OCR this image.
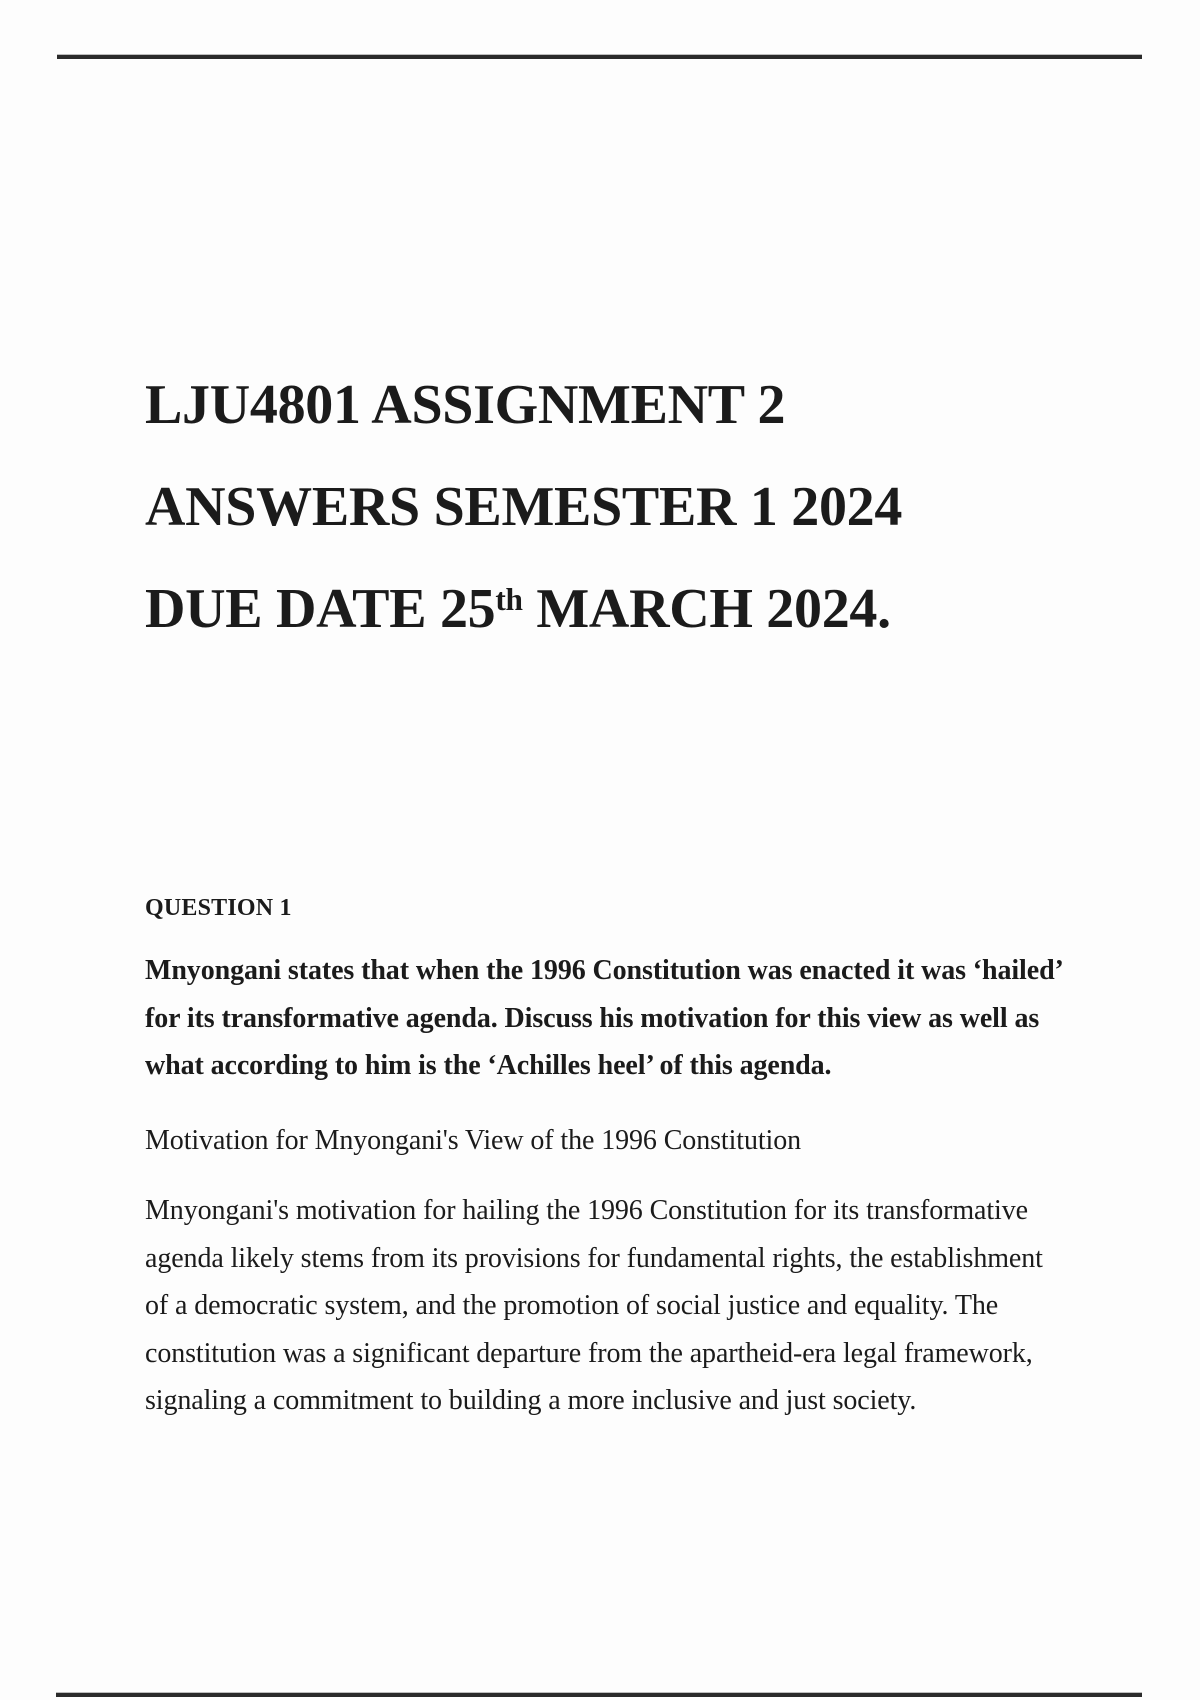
LJU4801 ASSIGNMENT 2
ANSWERS SEMESTER 1 2024
DUE DATE 25th MARCH 2024.
QUESTION 1
Mnyongani states that when the 1996 Constitution was enacted it was ‘hailed’
for its transformative agenda. Discuss his motivation for this view as well as
what according to him is the ‘Achilles heel’ of this agenda.
Motivation for Mnyongani's View of the 1996 Constitution
Mnyongani's motivation for hailing the 1996 Constitution for its transformative
agenda likely stems from its provisions for fundamental rights, the establishment
of a democratic system, and the promotion of social justice and equality. The
constitution was a significant departure from the apartheid-era legal framework,
signaling a commitment to building a more inclusive and just society.
